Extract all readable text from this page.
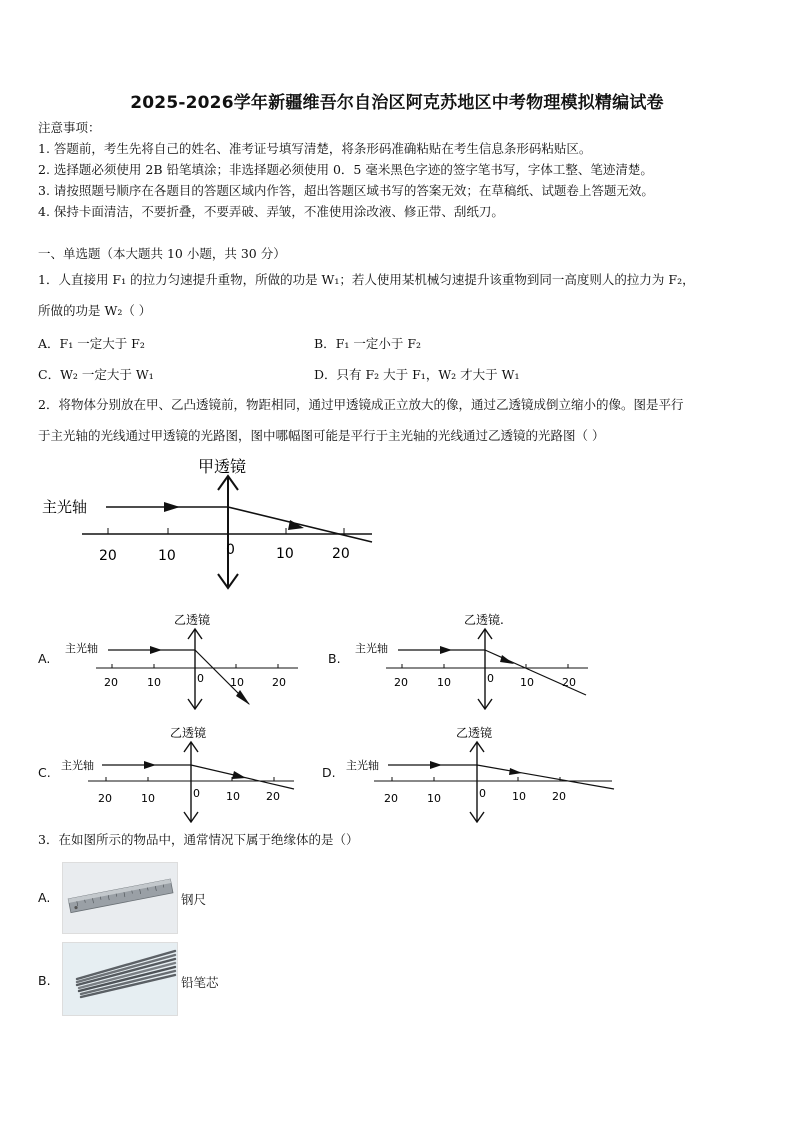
2025-2026学年新疆维吾尔自治区阿克苏地区中考物理模拟精编试卷
注意事项：
1. 答题前，考生先将自己的姓名、准考证号填写清楚，将条形码准确粘贴在考生信息条形码粘贴区。
2. 选择题必须使用 2B 铅笔填涂；非选择题必须使用 0．5 毫米黑色字迹的签字笔书写，字体工整、笔迹清楚。
3. 请按照题号顺序在各题目的答题区域内作答，超出答题区域书写的答案无效；在草稿纸、试题卷上答题无效。
4. 保持卡面清洁，不要折叠，不要弄破、弄皱，不准使用涂改液、修正带、刮纸刀。
一、单选题（本大题共 10 小题，共 30 分）
1．人直接用 F₁ 的拉力匀速提升重物，所做的功是 W₁；若人使用某机械匀速提升该重物到同一高度则人的拉力为 F₂，
所做的功是 W₂（ ）
A．F₁ 一定大于 F₂	B．F₁ 一定小于 F₂
C．W₂ 一定大于 W₁	D．只有 F₂ 大于 F₁，W₂ 才大于 W₁
2．将物体分别放在甲、乙凸透镜前，物距相同，通过甲透镜成正立放大的像，通过乙透镜成倒立缩小的像。图是平行
于主光轴的光线通过甲透镜的光路图，图中哪幅图可能是平行于主光轴的光线通过乙透镜的光路图（ ）
甲透镜
主光轴
20	10	0	10	20
A.
乙透镜
主光轴
20	10	0 10	20
B.
乙透镜.
主光轴
20	10	0 10	20
C.
乙透镜
主光轴
20	10	0 10 20
D.
乙透镜
主光轴
20	10	0 10 20
3．在如图所示的物品中，通常情况下属于绝缘体的是（）
A.	钢尺
B.	铅笔芯
